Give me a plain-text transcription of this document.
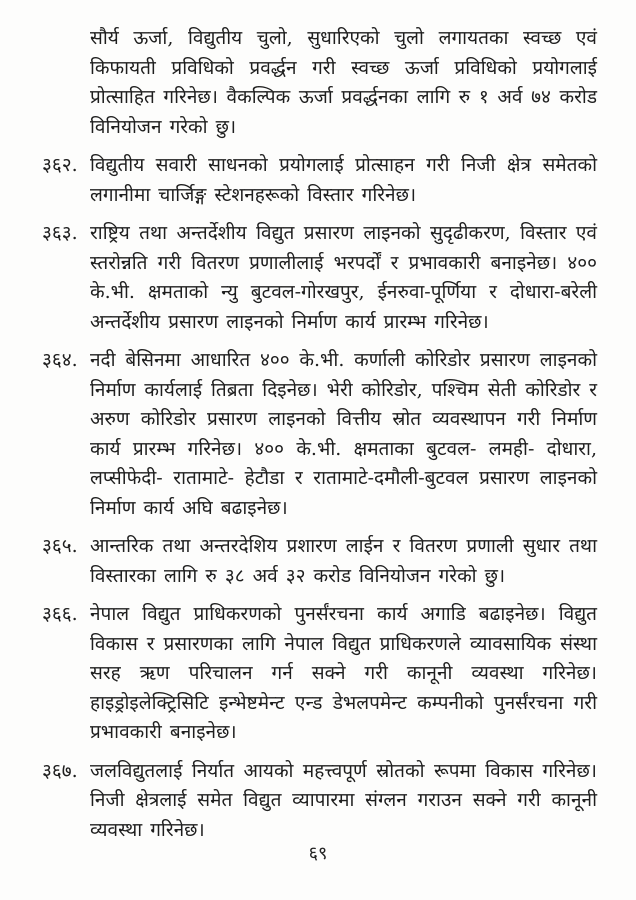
सौर्य ऊर्जा, विद्युतीय चुलो, सुधारिएको चुलो लगायतका स्वच्छ एवं किफायती प्रविधिको प्रवर्द्धन गरी स्वच्छ ऊर्जा प्रविधिको प्रयोगलाई प्रोत्साहित गरिनेछ। वैकल्पिक ऊर्जा प्रवर्द्धनका लागि रु १ अर्व ७४ करोड विनियोजन गरेको छु।

३६२. विद्युतीय सवारी साधनको प्रयोगलाई प्रोत्साहन गरी निजी क्षेत्र समेतको लगानीमा चार्जिङ्ग स्टेशनहरूको विस्तार गरिनेछ।

३६३. राष्ट्रिय तथा अन्तर्देशीय विद्युत प्रसारण लाइनको सुदृढीकरण, विस्तार एवं स्तरोन्नति गरी वितरण प्रणालीलाई भरपर्दों र प्रभावकारी बनाइनेछ। ४०० के.भी. क्षमताको न्यु बुटवल-गोरखपुर, ईनरुवा-पूर्णिया र दोधारा-बरेली अन्तर्देशीय प्रसारण लाइनको निर्माण कार्य प्रारम्भ गरिनेछ।

३६४. नदी बेसिनमा आधारित ४०० के.भी. कर्णाली कोरिडोर प्रसारण लाइनको निर्माण कार्यलाई तिब्रता दिइनेछ। भेरी कोरिडोर, पश्चिम सेती कोरिडोर र अरुण कोरिडोर प्रसारण लाइनको वित्तीय स्रोत व्यवस्थापन गरी निर्माण कार्य प्रारम्भ गरिनेछ। ४०० के.भी. क्षमताका बुटवल- लमही- दोधारा, लप्सीफेदी- रातामाटे- हेटौडा र रातामाटे-दमौली-बुटवल प्रसारण लाइनको निर्माण कार्य अघि बढाइनेछ।

३६५. आन्तरिक तथा अन्तरदेशिय प्रशारण लाईन र वितरण प्रणाली सुधार तथा विस्तारका लागि रु ३८ अर्व ३२ करोड विनियोजन गरेको छु।

३६६. नेपाल विद्युत प्राधिकरणको पुनर्संरचना कार्य अगाडि बढाइनेछ। विद्युत विकास र प्रसारणका लागि नेपाल विद्युत प्राधिकरणले व्यावसायिक संस्था सरह ऋण परिचालन गर्न सक्ने गरी कानूनी व्यवस्था गरिनेछ। हाइड्रोइलेक्ट्रिसिटि इन्भेष्टमेन्ट एन्ड डेभलपमेन्ट कम्पनीको पुनर्संरचना गरी प्रभावकारी बनाइनेछ।

३६७. जलविद्युतलाई निर्यात आयको महत्त्वपूर्ण स्रोतको रूपमा विकास गरिनेछ। निजी क्षेत्रलाई समेत विद्युत व्यापारमा संग्लन गराउन सक्ने गरी कानूनी व्यवस्था गरिनेछ।

६९
